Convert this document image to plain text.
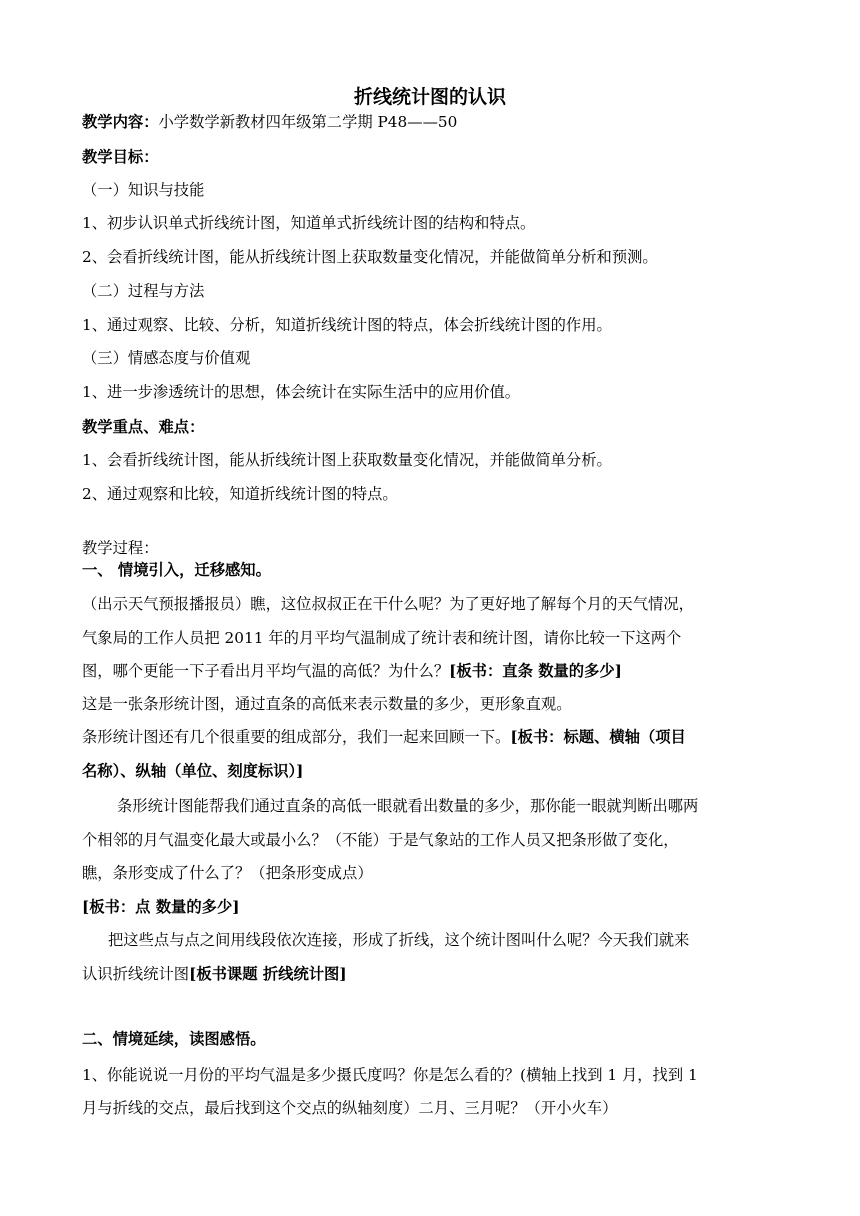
折线统计图的认识
教学内容：小学数学新教材四年级第二学期 P48——50
教学目标：
（一）知识与技能
1、初步认识单式折线统计图，知道单式折线统计图的结构和特点。
2、会看折线统计图，能从折线统计图上获取数量变化情况，并能做简单分析和预测。
（二）过程与方法
1、通过观察、比较、分析，知道折线统计图的特点，体会折线统计图的作用。
（三）情感态度与价值观
1、进一步渗透统计的思想，体会统计在实际生活中的应用价值。
教学重点、难点：
1、会看折线统计图，能从折线统计图上获取数量变化情况，并能做简单分析。
2、通过观察和比较，知道折线统计图的特点。
教学过程：
一、 情境引入，迁移感知。
（出示天气预报播报员）瞧，这位叔叔正在干什么呢？为了更好地了解每个月的天气情况，
气象局的工作人员把 2011 年的月平均气温制成了统计表和统计图，请你比较一下这两个
图，哪个更能一下子看出月平均气温的高低？为什么？[板书：直条 数量的多少]
这是一张条形统计图，通过直条的高低来表示数量的多少，更形象直观。
条形统计图还有几个很重要的组成部分，我们一起来回顾一下。[板书：标题、横轴（项目
名称）、纵轴（单位、刻度标识）]
条形统计图能帮我们通过直条的高低一眼就看出数量的多少，那你能一眼就判断出哪两
个相邻的月气温变化最大或最小么？（不能）于是气象站的工作人员又把条形做了变化，
瞧，条形变成了什么了？（把条形变成点）
[板书：点 数量的多少]
把这些点与点之间用线段依次连接，形成了折线，这个统计图叫什么呢？今天我们就来
认识折线统计图[板书课题 折线统计图]
二、情境延续，读图感悟。
1、你能说说一月份的平均气温是多少摄氏度吗？你是怎么看的？(横轴上找到 1 月，找到 1
月与折线的交点，最后找到这个交点的纵轴刻度）二月、三月呢？（开小火车）
